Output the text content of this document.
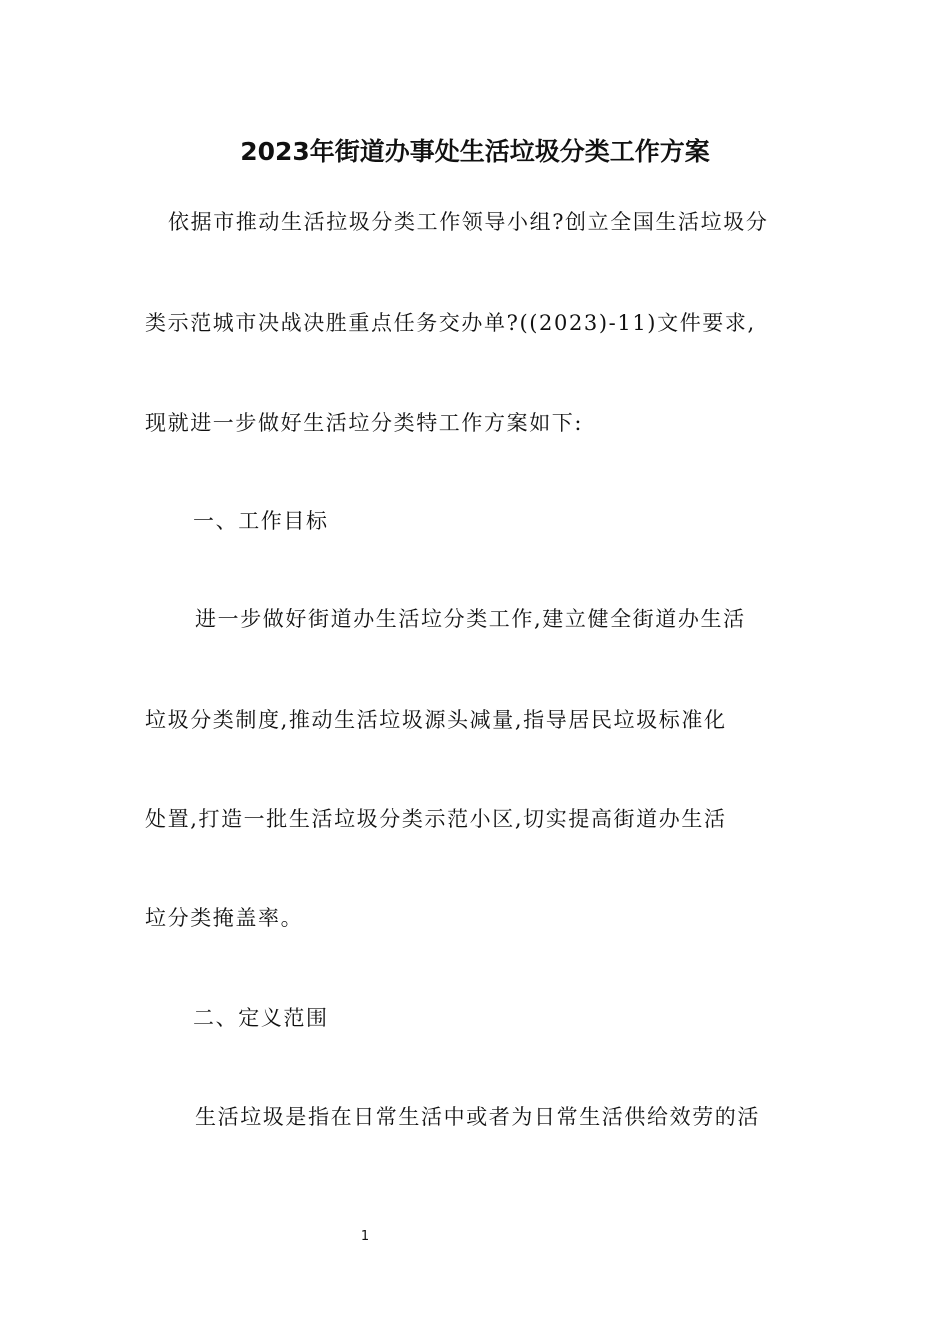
2023年街道办事处生活垃圾分类工作方案
依据市推动生活拉圾分类工作领导小组?创立全国生活垃圾分
类示范城市决战决胜重点任务交办单?((2023)-11)文件要求,
现就进一步做好生活垃分类特工作方案如下:
一、工作目标
进一步做好街道办生活垃分类工作,建立健全街道办生活
垃圾分类制度,推动生活垃圾源头减量,指导居民垃圾标准化
处置,打造一批生活垃圾分类示范小区,切实提高街道办生活
垃分类掩盖率。
二、定义范围
生活垃圾是指在日常生活中或者为日常生活供给效劳的活
1
